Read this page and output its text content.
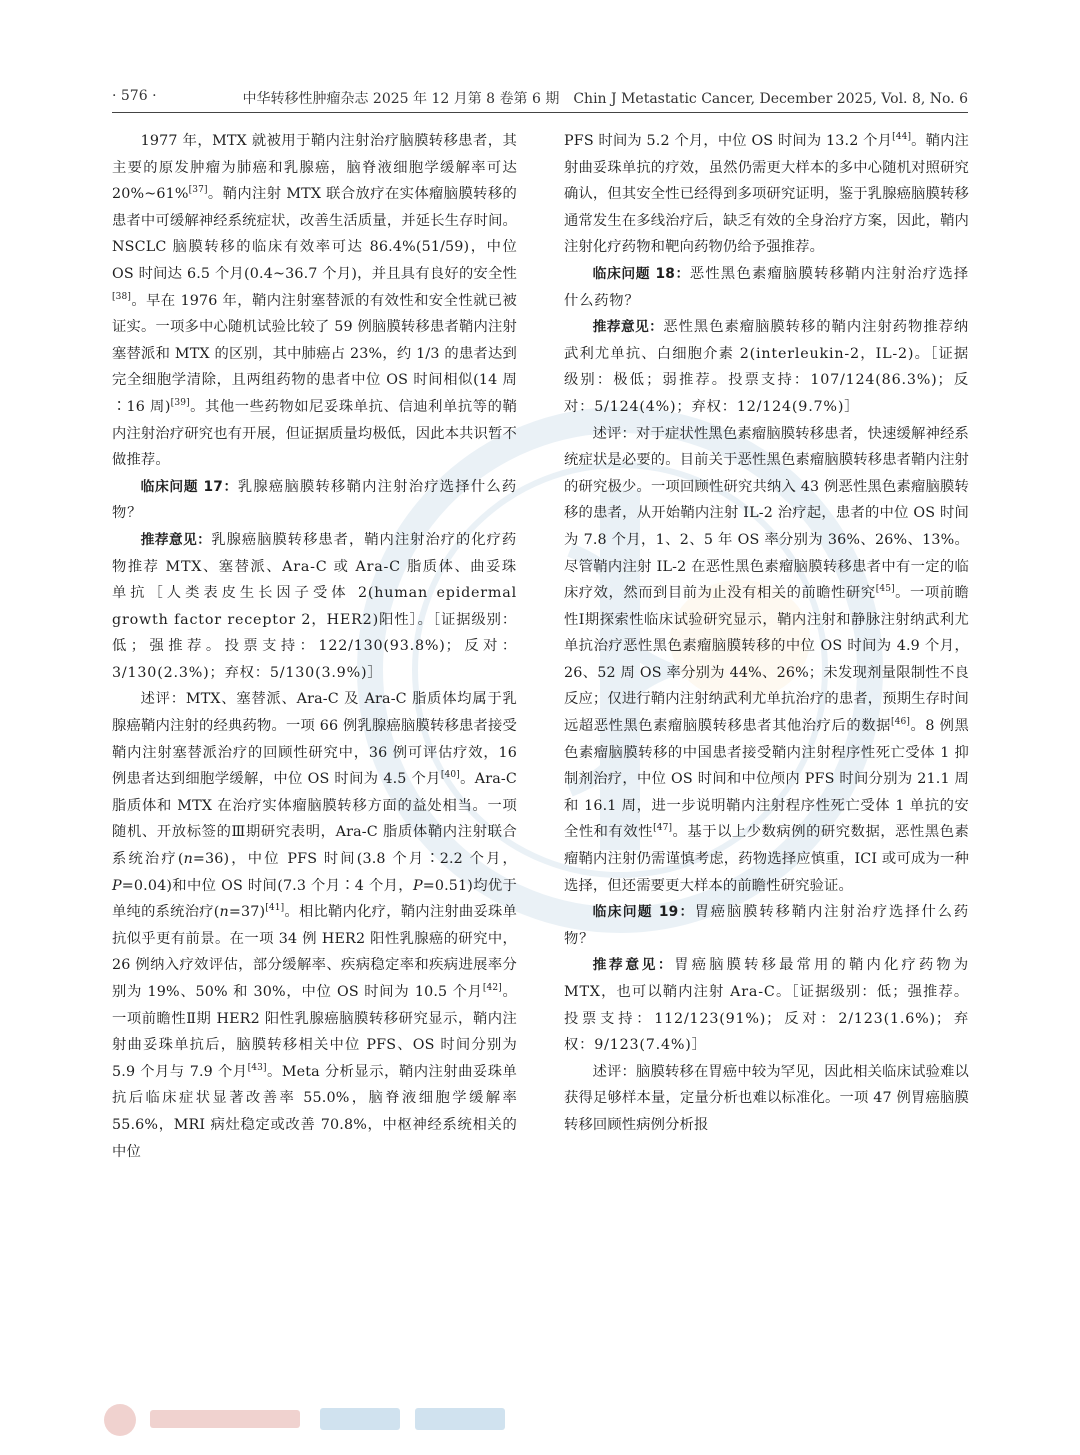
· 576 ·	中华转移性肿瘤杂志 2025 年 12 月第 8 卷第 6 期　Chin J Metastatic Cancer, December 2025, Vol. 8, No. 6

1977 年，MTX 就被用于鞘内注射治疗脑膜转移患者，其主要的原发肿瘤为肺癌和乳腺癌，脑脊液细胞学缓解率可达 20%~61%[37]。鞘内注射 MTX 联合放疗在实体瘤脑膜转移的患者中可缓解神经系统症状，改善生活质量，并延长生存时间。NSCLC 脑膜转移的临床有效率可达 86.4%(51/59)，中位 OS 时间达 6.5 个月(0.4~36.7 个月)，并且具有良好的安全性[38]。早在 1976 年，鞘内注射塞替派的有效性和安全性就已被证实。一项多中心随机试验比较了 59 例脑膜转移患者鞘内注射塞替派和 MTX 的区别，其中肺癌占 23%，约 1/3 的患者达到完全细胞学清除，且两组药物的患者中位 OS 时间相似(14 周∶16 周)[39]。其他一些药物如尼妥珠单抗、信迪利单抗等的鞘内注射治疗研究也有开展，但证据质量均极低，因此本共识暂不做推荐。

临床问题 17：乳腺癌脑膜转移鞘内注射治疗选择什么药物？

推荐意见：乳腺癌脑膜转移患者，鞘内注射治疗的化疗药物推荐 MTX、塞替派、Ara-C 或 Ara-C 脂质体、曲妥珠单抗［人类表皮生长因子受体 2(human epidermal growth factor receptor 2，HER2)阳性］。［证据级别：低；强推荐。投票支持：122/130(93.8%)；反对：3/130(2.3%)；弃权：5/130(3.9%)］

述评：MTX、塞替派、Ara-C 及 Ara-C 脂质体均属于乳腺癌鞘内注射的经典药物。一项 66 例乳腺癌脑膜转移患者接受鞘内注射塞替派治疗的回顾性研究中，36 例可评估疗效，16 例患者达到细胞学缓解，中位 OS 时间为 4.5 个月[40]。Ara-C 脂质体和 MTX 在治疗实体瘤脑膜转移方面的益处相当。一项随机、开放标签的Ⅲ期研究表明，Ara-C 脂质体鞘内注射联合系统治疗(n=36)，中位 PFS 时间(3.8 个月∶2.2 个月，P=0.04)和中位 OS 时间(7.3 个月∶4 个月，P=0.51)均优于单纯的系统治疗(n=37)[41]。相比鞘内化疗，鞘内注射曲妥珠单抗似乎更有前景。在一项 34 例 HER2 阳性乳腺癌的研究中，26 例纳入疗效评估，部分缓解率、疾病稳定率和疾病进展率分别为 19%、50% 和 30%，中位 OS 时间为 10.5 个月[42]。一项前瞻性Ⅱ期 HER2 阳性乳腺癌脑膜转移研究显示，鞘内注射曲妥珠单抗后，脑膜转移相关中位 PFS、OS 时间分别为 5.9 个月与 7.9 个月[43]。Meta 分析显示，鞘内注射曲妥珠单抗后临床症状显著改善率 55.0%，脑脊液细胞学缓解率 55.6%，MRI 病灶稳定或改善 70.8%，中枢神经系统相关的中位

PFS 时间为 5.2 个月，中位 OS 时间为 13.2 个月[44]。鞘内注射曲妥珠单抗的疗效，虽然仍需更大样本的多中心随机对照研究确认，但其安全性已经得到多项研究证明，鉴于乳腺癌脑膜转移通常发生在多线治疗后，缺乏有效的全身治疗方案，因此，鞘内注射化疗药物和靶向药物仍给予强推荐。

临床问题 18：恶性黑色素瘤脑膜转移鞘内注射治疗选择什么药物？

推荐意见：恶性黑色素瘤脑膜转移的鞘内注射药物推荐纳武利尤单抗、白细胞介素 2(interleukin-2，IL-2)。［证据级别：极低；弱推荐。投票支持：107/124(86.3%)；反对：5/124(4%)；弃权：12/124(9.7%)］

述评：对于症状性黑色素瘤脑膜转移患者，快速缓解神经系统症状是必要的。目前关于恶性黑色素瘤脑膜转移患者鞘内注射的研究极少。一项回顾性研究共纳入 43 例恶性黑色素瘤脑膜转移的患者，从开始鞘内注射 IL-2 治疗起，患者的中位 OS 时间为 7.8 个月，1、2、5 年 OS 率分别为 36%、26%、13%。尽管鞘内注射 IL-2 在恶性黑色素瘤脑膜转移患者中有一定的临床疗效，然而到目前为止没有相关的前瞻性研究[45]。一项前瞻性Ⅰ期探索性临床试验研究显示，鞘内注射和静脉注射纳武利尤单抗治疗恶性黑色素瘤脑膜转移的中位 OS 时间为 4.9 个月，26、52 周 OS 率分别为 44%、26%；未发现剂量限制性不良反应；仅进行鞘内注射纳武利尤单抗治疗的患者，预期生存时间远超恶性黑色素瘤脑膜转移患者其他治疗后的数据[46]。8 例黑色素瘤脑膜转移的中国患者接受鞘内注射程序性死亡受体 1 抑制剂治疗，中位 OS 时间和中位颅内 PFS 时间分别为 21.1 周和 16.1 周，进一步说明鞘内注射程序性死亡受体 1 单抗的安全性和有效性[47]。基于以上少数病例的研究数据，恶性黑色素瘤鞘内注射仍需谨慎考虑，药物选择应慎重，ICI 或可成为一种选择，但还需要更大样本的前瞻性研究验证。

临床问题 19：胃癌脑膜转移鞘内注射治疗选择什么药物？

推荐意见：胃癌脑膜转移最常用的鞘内化疗药物为 MTX，也可以鞘内注射 Ara-C。［证据级别：低；强推荐。投票支持：112/123(91%)；反对：2/123(1.6%)；弃权：9/123(7.4%)］

述评：脑膜转移在胃癌中较为罕见，因此相关临床试验难以获得足够样本量，定量分析也难以标准化。一项 47 例胃癌脑膜转移回顾性病例分析报
